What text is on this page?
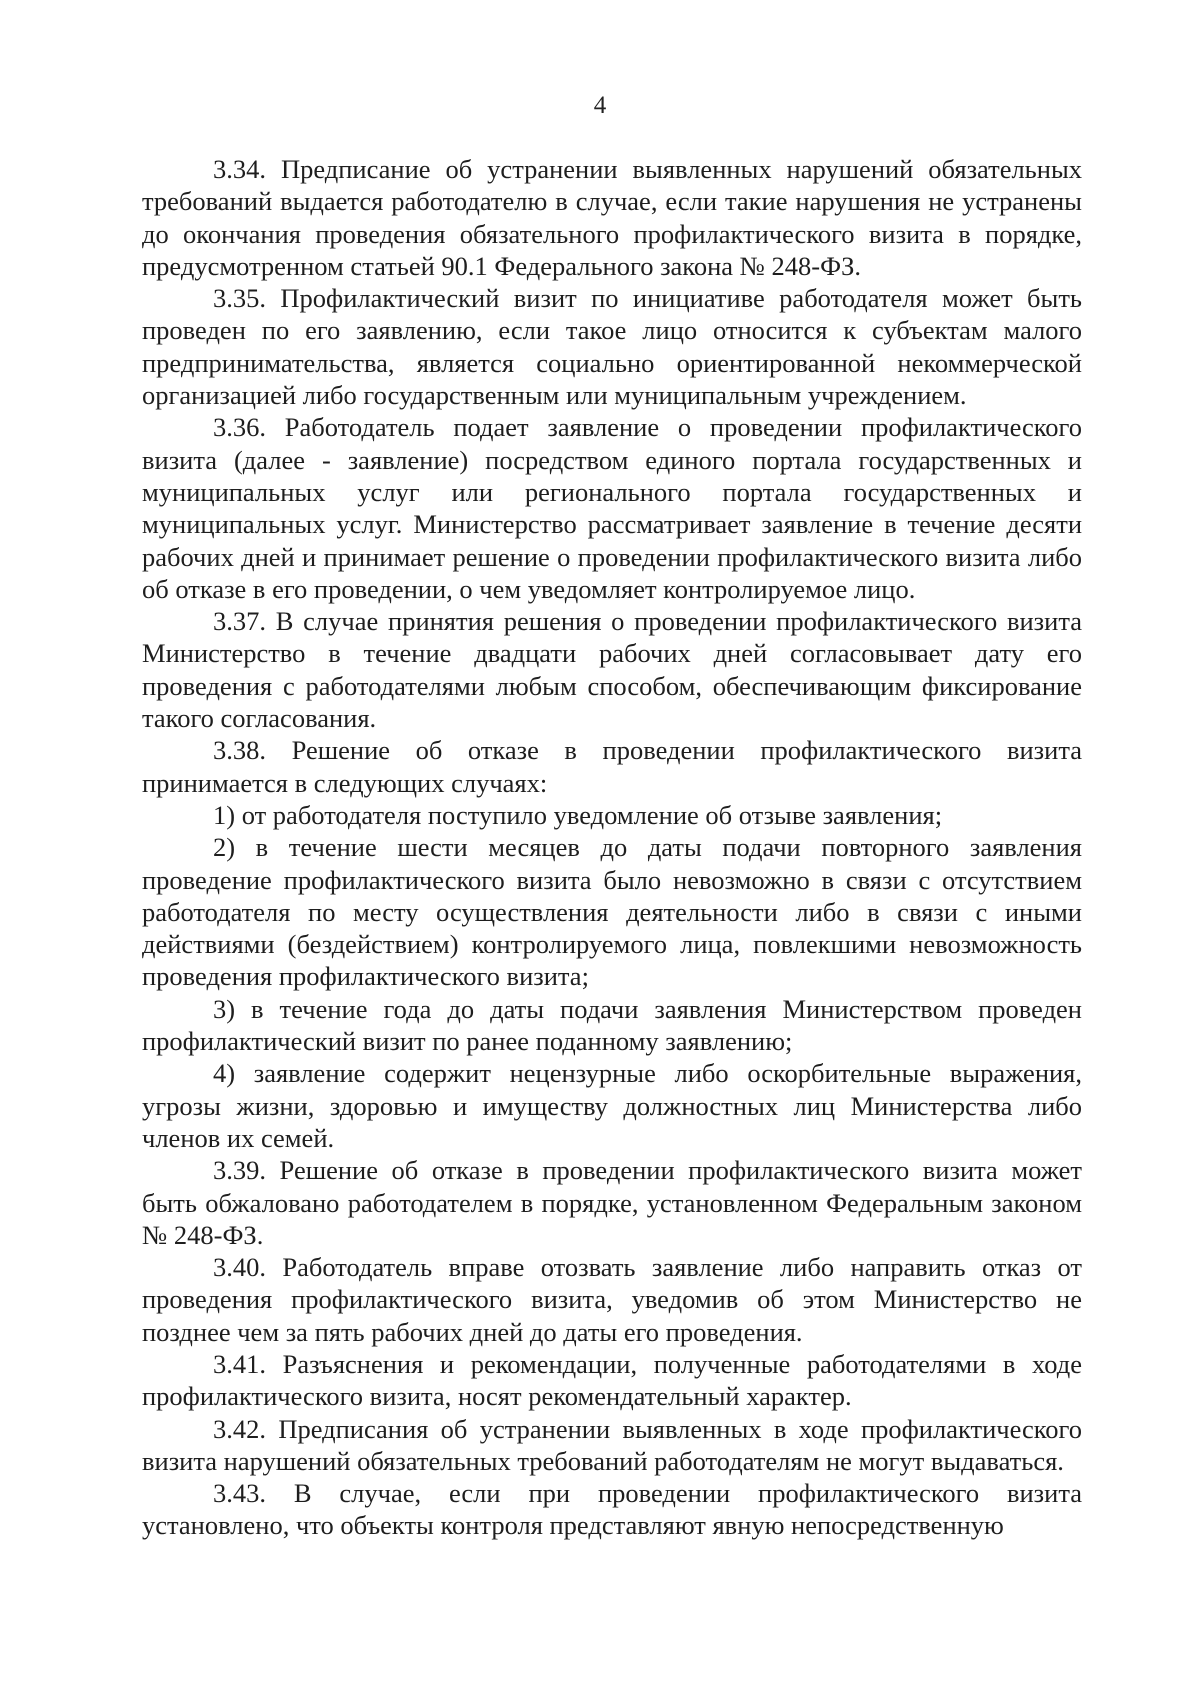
4

3.34. Предписание об устранении выявленных нарушений обязательных требований выдается работодателю в случае, если такие нарушения не устранены до окончания проведения обязательного профилактического визита в порядке, предусмотренном статьей 90.1 Федерального закона № 248-ФЗ.

3.35. Профилактический визит по инициативе работодателя может быть проведен по его заявлению, если такое лицо относится к субъектам малого предпринимательства, является социально ориентированной некоммерческой организацией либо государственным или муниципальным учреждением.

3.36. Работодатель подает заявление о проведении профилактического визита (далее - заявление) посредством единого портала государственных и муниципальных услуг или регионального портала государственных и муниципальных услуг. Министерство рассматривает заявление в течение десяти рабочих дней и принимает решение о проведении профилактического визита либо об отказе в его проведении, о чем уведомляет контролируемое лицо.

3.37. В случае принятия решения о проведении профилактического визита Министерство в течение двадцати рабочих дней согласовывает дату его проведения с работодателями любым способом, обеспечивающим фиксирование такого согласования.

3.38. Решение об отказе в проведении профилактического визита принимается в следующих случаях:

1) от работодателя поступило уведомление об отзыве заявления;

2) в течение шести месяцев до даты подачи повторного заявления проведение профилактического визита было невозможно в связи с отсутствием работодателя по месту осуществления деятельности либо в связи с иными действиями (бездействием) контролируемого лица, повлекшими невозможность проведения профилактического визита;

3) в течение года до даты подачи заявления Министерством проведен профилактический визит по ранее поданному заявлению;

4) заявление содержит нецензурные либо оскорбительные выражения, угрозы жизни, здоровью и имуществу должностных лиц Министерства либо членов их семей.

3.39. Решение об отказе в проведении профилактического визита может быть обжаловано работодателем в порядке, установленном Федеральным законом № 248-ФЗ.

3.40. Работодатель вправе отозвать заявление либо направить отказ от проведения профилактического визита, уведомив об этом Министерство не позднее чем за пять рабочих дней до даты его проведения.

3.41. Разъяснения и рекомендации, полученные работодателями в ходе профилактического визита, носят рекомендательный характер.

3.42. Предписания об устранении выявленных в ходе профилактического визита нарушений обязательных требований работодателям не могут выдаваться.

3.43. В случае, если при проведении профилактического визита установлено, что объекты контроля представляют явную непосредственную
